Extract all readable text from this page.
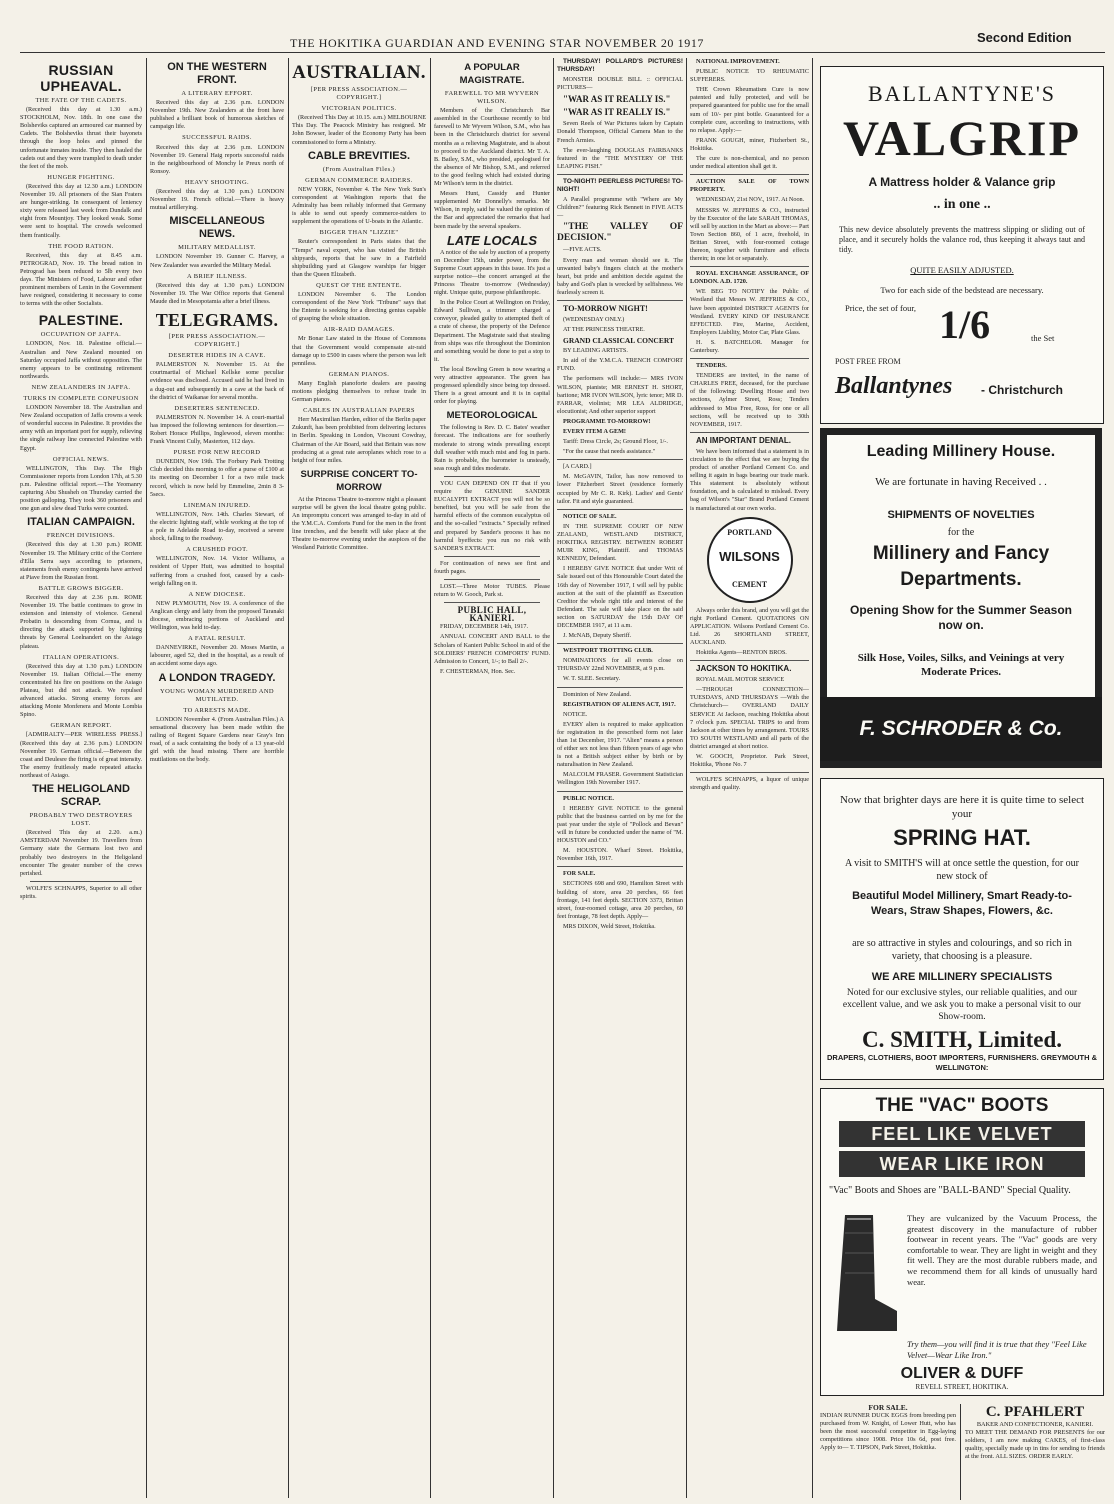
THE HOKITIKA GUARDIAN AND EVENING STAR NOVEMBER 20 1917	Second Edition
RUSSIAN UPHEAVAL.
THE FATE OF THE CADETS.

(Received this day at 1.30 a.m.) STOCKHOLM, Nov. 18th. In one case the Bolsheviks captured an armoured car manned by Cadets. The Bolsheviks thrust their bayonets through the loop holes and pinned the unfortunate inmates inside. They then hauled the cadets out and they were trampled to death under the feet of the mob.

HUNGER FIGHTING.

(Received this day at 12.30 a.m.) LONDON November 19. All prisoners of the Sian Fraters are hunger-striking. In consequent of leniency sixty were released last week from Dundalk and eight from Mountjoy. They looked weak. Some were sent to hospital. The crowds welcomed them frantically.

THE FOOD RATION.

Received, this day at 8.45 a.m. PETROGRAD, Nov. 19. The bread ration in Petrograd has been reduced to 5lb every two days. The Ministers of Food, Labour and other prominent members of Lenin in the Government have resigned, considering it necessary to come to terms with the other Socialists.

PALESTINE.
OCCUPATION OF JAFFA.

LONDON, Nov. 18. Palestine official.—Australian and New Zealand mounted on Saturday occupied Jaffa without opposition. The enemy appears to be continuing retirement northwards.

NEW ZEALANDERS IN JAFFA.
TURKS IN COMPLETE CONFUSION

LONDON November 18. The Australian and New Zealand occupation of Jaffa crowns a week of wonderful success in Palestine. It provides the army with an important port for supply, relieving the single railway line connected Palestine with Egypt.

OFFICIAL NEWS.

WELLINGTON, This Day. The High Commissioner reports from London 17th, at 5.30 p.m. Palestine official report.—The Yeomanry capturing Abu Shusheh on Thursday carried the position galloping. They took 360 prisoners and one gun and slew dead Turks were counted.

ITALIAN CAMPAIGN.
FRENCH DIVISIONS.

(Received this day at 1.30 p.m.) ROME November 19. The Military critic of the Corriere d'Ella Serra says according to prisoners, statements fresh enemy contingents have arrived at Piave from the Russian front.

BATTLE GROWS BIGGER.

Received this day at 2.36 p.m. ROME November 19. The battle continues to grow in extension and intensity of violence. General Probatin is descending from Cornua, and is directing the attack supported by lightning threats by General Loelnandert on the Asiago plateau.

ITALIAN OPERATIONS.

(Received this day at 1.30 p.m.) LONDON November 19. Italian Official.—The enemy concentrated his fire on positions on the Asiago Plateau, but did not attack. We repulsed advanced attacks. Strong enemy forces are attacking Monte Monfenera and Monte Lombia Spino.

GERMAN REPORT.

[ADMIRALTY—PER WIRELESS PRESS.] (Received this day at 2.36 p.m.) LONDON November 19. German official.—Between the coast and Deulesre the firing is of great intensity. The enemy fruitlessly made repeated attacks northeast of Asiago.

THE HELIGOLAND SCRAP.
PROBABLY TWO DESTROYERS LOST.

(Received This day at 2.20. a.m.) AMSTERDAM November 19. Travellers from Germany state the Germans lost two and probably two destroyers in the Heligoland encounter The greater number of the crews perished.

WOLFE'S SCHNAPPS, Superior to all other spirits.

ON THE WESTERN FRONT.
A LITERARY EFFORT.

Received this day at 2.36 p.m. LONDON November 19th. New Zealanders at the front have published a brilliant book of humorous sketches of campaign life.

SUCCESSFUL RAIDS.

Received this day at 2.36 p.m. LONDON November 19. General Haig reports successful raids in the neighbourhood of Monchy le Preux north of Ronsoy.

HEAVY SHOOTING.

(Received this day at 1.30 p.m.) LONDON November 19. French official.—There is heavy mutual artillerying.

MISCELLANEOUS NEWS.
MILITARY MEDALLIST.

LONDON November 19. Gunner C. Harvey, a New Zealander was awarded the Military Medal.

A BRIEF ILLNESS.

(Received this day at 1.30 p.m.) LONDON November 19. The War Office reports that General Maude died in Mesopotamia after a brief illness.

TELEGRAMS.
[PER PRESS ASSOCIATION.—COPYRIGHT.]
DESERTER HIDES IN A CAVE.

PALMERSTON N. November 15. At the courtmartial of Michael Kellske some peculiar evidence was disclosed. Accused said he had lived in a dug-out and subsequently in a cave at the back of the district of Waikanae for several months.

DESERTERS SENTENCED.

PALMERSTON N. November 14. A court-martial has imposed the following sentences for desertion.—Robert Horace Phillips, Inglewood, eleven months: Frank Vincent Cully, Masterton, 112 days.

PURSE FOR NEW RECORD

DUNEDIN, Nov 19th. The Forbury Park Trotting Club decided this morning to offer a purse of £100 at its meeting on December 1 for a two mile track record, which is now held by Emmeline, 2min 8 3-5secs.

LINEMAN INJURED.

WELLINGTON, Nov. 14th. Charles Stewart, of the electric lighting staff, while working at the top of a pole in Adelaide Road to-day, received a severe shock, falling to the roadway.

A CRUSHED FOOT.

WELLINGTON, Nov. 14. Victor Williams, a resident of Upper Hutt, was admitted to hospital suffering from a crushed foot, caused by a cash-weigh falling on it.

A NEW DIOCESE.

NEW PLYMOUTH, Nov 19. A conference of the Anglican clergy and laity from the proposed Taranaki diocese, embracing portions of Auckland and Wellington, was held to-day.

A FATAL RESULT.

DANNEVIRKE, November 20. Moses Martin, a labourer, aged 52, died in the hospital, as a result of an accident some days ago.

A LONDON TRAGEDY.
YOUNG WOMAN MURDERED AND MUTILATED.
TO ARRESTS MADE.

LONDON November 4. (From Australian Files.) A sensational discovery has been made within the railing of Regent Square Gardens near Gray's Inn road, of a sack containing the body of a 13 year-old girl with the head missing. There are horrible mutilations on the body.

AUSTRALIAN.
[PER PRESS ASSOCIATION.—COPYRIGHT.]
VICTORIAN POLITICS.

(Received This Day at 10.15. a.m.) MELBOURNE This Day. The Peacock Ministry has resigned. Mr John Bowser, leader of the Economy Party has been commissioned to form a Ministry.

CABLE BREVITIES.
(From Australian Files.)
GERMAN COMMERCE RAIDERS.

NEW YORK, November 4. The New York Sun's correspondent at Washington reports that the Admiralty has been reliably informed that Germany is able to send out speedy commerce-raiders to supplement the operations of U-boats in the Atlantic.

BIGGER THAN "LIZZIE"

Reuter's correspondent in Paris states that the "Temps" naval expert, who has visited the British shipyards, reports that he saw in a Fairfield shipbuilding yard at Glasgow warships far bigger than the Queen Elizabeth.

QUEST OF THE ENTENTE.

LONDON November 6. The London correspondent of the New York "Tribune" says that the Entente is seeking for a directing genius capable of grasping the whole situation.

AIR-RAID DAMAGES.

Mr Bonar Law stated in the House of Commons that the Government would compensate air-raid damage up to £500 in cases where the person was left penniless.

GERMAN PIANOS.

Many English pianoforte dealers are passing motions pledging themselves to refuse trade in German pianos.

CABLES IN AUSTRALIAN PAPERS

Herr Maximilian Harden, editor of the Berlin paper Zukunft, has been prohibited from delivering lectures in Berlin. Speaking in London, Viscount Cowdray, Chairman of the Air Board, said that Britain was now producing at a great rate aeroplanes which rose to a height of four miles.

SURPRISE CONCERT TO-MORROW

At the Princess Theatre to-morrow night a pleasant surprise will be given the local theatre going public. An impromptu concert was arranged to-day in aid of the Y.M.C.A. Comforts Fund for the men in the front line trenches, and the benefit will take place at the Theatre to-morrow evening under the auspices of the Westland Patriotic Committee.

A POPULAR MAGISTRATE.
FAREWELL TO MR WYVERN WILSON.

Members of the Christchurch Bar assembled in the Courthouse recently to bid farewell to Mr Wyvern Wilson, S.M., who has been in the Christchurch district for several months as a relieving Magistrate, and is about to proceed to the Auckland district. Mr T. A. B. Bailey, S.M., who presided, apologised for the absence of Mr Bishop, S.M., and referred to the good feeling which had existed during Mr Wilson's term in the district.

Messrs Hunt, Cassidy and Hunter supplemented Mr Donnelly's remarks. Mr Wilson, in reply, said he valued the opinion of the Bar and appreciated the remarks that had been made by the several speakers.

LATE LOCALS

A notice of the sale by auction of a property on December 15th, under power, from the Supreme Court appears in this issue. It's just a surprise notice—the concert arranged at the Princess Theatre to-morrow (Wednesday) night. Unique quite, purpose philanthropic.

In the Police Court at Wellington on Friday, Edward Sullivan, a trimmer charged a conveyor, pleaded guilty to attempted theft of a crate of cheese, the property of the Defence Department. The Magistrate said that stealing from ships was rife throughout the Dominion and something would be done to put a stop to it.

The local Bowling Green is now wearing a very attractive appearance. The green has progressed splendidly since being top dressed. There is a great amount and it is in capital order for playing.

METEOROLOGICAL

The following is Rev. D. C. Bates' weather forecast. The indications are for southerly moderate to strong winds prevailing except dull weather with much mist and fog in parts. Rain is probable, the barometer is unsteady, seas rough and tides moderate.

YOU CAN DEPEND ON IT that if you require the GENUINE SANDER EUCALYPTI EXTRACT you will not be so benefited, but you will be safe from the harmful effects of the common eucalyptus oil and the so-called "extracts." Specially refined and prepared by Sander's process it has no harmful byeffects: you run no risk with SANDER'S EXTRACT.

For continuation of news see first and fourth pages.

LOST.—Three Motor TUBES. Please return to W. Gooch, Park st.

PUBLIC HALL, KANIERI.

FRIDAY, DECEMBER 14th, 1917.

ANNUAL CONCERT AND BALL to the Scholars of Kanieri Public School in aid of the SOLDIERS' FRENCH COMFORTS' FUND. Admission to Concert, 1/-; to Ball 2/-.

F. CHESTERMAN, Hon. Sec.

THURSDAY! POLLARD'S PICTURES! THURSDAY!

MONSTER DOUBLE BILL :: OFFICIAL PICTURES—

"WAR AS IT REALLY IS."

"WAR AS IT REALLY IS."

Seven Reels of War Pictures taken by Captain Donald Thompson, Official Camera Man to the French Armies.

The ever-laughing DOUGLAS FAIRBANKS featured in the "THE MYSTERY OF THE LEAPING FISH."

TO-NIGHT! PEERLESS PICTURES! TO-NIGHT!

A Parallel programme with "Where are My Children?" featuring Rick Bennett in FIVE ACTS—

"THE VALLEY OF DECISION."

—FIVE ACTS.

Every man and woman should see it. The unwanted baby's fingers clutch at the mother's heart, but pride and ambition decide against the baby and God's plan is wrecked by selfishness. We fearlessly screen it.

TO-MORROW NIGHT!

(WEDNESDAY ONLY.)

AT THE PRINCESS THEATRE.

GRAND CLASSICAL CONCERT

BY LEADING ARTISTS.

In aid of the Y.M.C.A. TRENCH COMFORT FUND.

The performers will include:— MRS IVON WILSON, pianiste; MR ERNEST H. SHORT, baritone; MR IVON WILSON, lyric tenor; MR D. FARRAR, violinist; MR LEA ALDRIDGE, elocutionist; And other superior support

PROGRAMME TO-MORROW!

EVERY ITEM A GEM!

Tariff: Dress Circle, 2s; Ground Floor, 1/-.

"For the cause that needs assistance."

[A CARD.]

M. McGAVIN, Tailor, has now removed to lower Fitzherbert Street (residence formerly occupied by Mr C. R. Kirk). Ladies' and Gents' tailor. Fit and style guaranteed.

NOTICE OF SALE.

IN THE SUPREME COURT OF NEW ZEALAND, WESTLAND DISTRICT, HOKITIKA REGISTRY. BETWEEN ROBERT MUIR KING, Plaintiff. and THOMAS KENNEDY, Defendant.

I HEREBY GIVE NOTICE that under Writ of Sale issued out of this Honourable Court dated the 16th day of November 1917, I will sell by public auction at the suit of the plaintiff as Execution Creditor the whole right title and interest of the Defendant. The sale will take place on the said section on SATURDAY the 15th DAY OF DECEMBER 1917, at 11 a.m.

J. McNAB, Deputy Sheriff.

WESTPORT TROTTING CLUB.

NOMINATIONS for all events close on THURSDAY 22nd NOVEMBER, at 9 p.m.

W. T. SLEE. Secretary.

Dominion of New Zealand.

REGISTRATION OF ALIENS ACT, 1917.

NOTICE.

EVERY alien is required to make application for registration in the prescribed form not later than 1st December, 1917. "Alien" means a person of either sex not less than fifteen years of age who is not a British subject either by birth or by naturalisation in New Zealand.

MALCOLM FRASER. Government Statistician Wellington 19th November 1917.

PUBLIC NOTICE.

I HEREBY GIVE NOTICE to the general public that the business carried on by me for the past year under the style of "Pollock and Bevan" will in future be conducted under the name of "M. HOUSTON and CO."

M. HOUSTON. Wharf Street. Hokitika, November 16th, 1917.

FOR SALE.

SECTIONS 698 and 690, Hamilton Street with building of store, area 20 perches, 66 feet frontage, 141 feet depth. SECTION 3373, Brittan street, four-roomed cottage, area 20 perches, 60 feet frontage, 78 feet depth. Apply—

MRS DIXON, Weld Street, Hokitika.

NATIONAL IMPROVEMENT.

PUBLIC NOTICE TO RHEUMATIC SUFFERERS.

THE Crown Rheumatism Cure is now patented and fully protected, and will be prepared guaranteed for public use for the small sum of 10/- per pint bottle. Guaranteed for a complete cure, according to instructions, with no relapse. Apply:—

FRANK GOUGH, miner, Fitzherbert St., Hokitika.

The cure is non-chemical, and no person under medical attention shall get it.

AUCTION SALE OF TOWN PROPERTY.

WEDNESDAY, 21st NOV., 1917. At Noon.

MESSRS W. JEFFRIES & CO., instructed by the Executor of the late SARAH THOMAS, will sell by auction in the Mart as above:— Part Town Section 860, of 1 acre, freehold, in Brittan Street, with four-roomed cottage thereon, together with furniture and effects therein; in one lot or separately.

ROYAL EXCHANGE ASSURANCE, OF LONDON. A.D. 1720.

WE BEG TO NOTIFY the Public of Westland that Messrs W. JEFFRIES & CO., have been appointed DISTRICT AGENTS for Westland. EVERY KIND OF INSURANCE EFFECTED. Fire, Marine, Accident, Employers Liability, Motor Car, Plate Glass.

H. S. BATCHELOR. Manager for Canterbury.

TENDERS.

TENDERS are invited, in the name of CHARLES FREE, deceased, for the purchase of the following: Dwelling House and two sections, Aylmer Street, Ross; Tenders addressed to Miss Free, Ross, for one or all sections, will be received up to 30th NOVEMBER, 1917.

AN IMPORTANT DENIAL.

We have been informed that a statement is in circulation to the effect that we are buying the product of another Portland Cement Co. and selling it again in bags bearing our trade mark. This statement is absolutely without foundation, and is calculated to mislead. Every bag of Wilson's "Star" Brand Portland Cement is manufactured at our own works.

PORTLAND
WILSONS
CEMENT

Always order this brand, and you will get the right Portland Cement. QUOTATIONS ON APPLICATION. Wilsons Portland Cement Co. Ltd. 26 SHORTLAND STREET, AUCKLAND.

Hokitika Agents—RENTON BROS.

JACKSON TO HOKITIKA.

ROYAL MAIL MOTOR SERVICE

—THROUGH CONNECTION— TUESDAYS, AND THURSDAYS —With the Christchurch— OVERLAND DAILY SERVICE At Jackson, reaching Hokitika about 7 o'clock p.m. SPECIAL TRIPS to and from Jackson at other times by arrangement. TOURS TO SOUTH WESTLAND and all parts of the district arranged at short notice.

W. GOOCH, Proprietor. Park Street, Hokitika, 'Phone No. 7

WOLFE'S SCHNAPPS, a liquor of unique strength and quality.

BALLANTYNE'S
VALGRIP
A Mattress holder & Valance grip
.. in one ..
This new device absolutely prevents the mattress slipping or sliding out of place, and it securely holds the valance rod, thus keeping it always taut and tidy.
QUITE EASILY ADJUSTED.
Two for each side of the bedstead are necessary.
Price, the set of four, 1/6	the Set
POST FREE FROM
Ballantynes - Christchurch
Leading Millinery House.
We are fortunate in having Received . .
SHIPMENTS OF NOVELTIES
for the
Millinery and Fancy
Departments.
Opening Show for the Summer Season now on.
Silk Hose, Voiles, Silks, and Veinings at very Moderate Prices.
F. SCHRODER & Co.
Now that brighter days are here it is quite time to select your
SPRING HAT.
A visit to SMITH'S will at once settle the question, for our new stock of
Beautiful Model Millinery, Smart Ready-to-Wears, Straw Shapes, Flowers, &c.
are so attractive in styles and colourings, and so rich in variety, that choosing is a pleasure.
WE ARE MILLINERY SPECIALISTS
Noted for our exclusive styles, our reliable qualities, and our excellent value, and we ask you to make a personal visit to our Show-room.
C. SMITH, Limited.
DRAPERS, CLOTHIERS, BOOT IMPORTERS, FURNISHERS. GREYMOUTH & WELLINGTON:
THE "VAC" BOOTS
FEEL LIKE VELVET
WEAR LIKE IRON
"Vac" Boots and Shoes are "BALL-BAND" Special Quality.
They are vulcanized by the Vacuum Process, the greatest discovery in the manufacture of rubber footwear in recent years. The "Vac" goods are very comfortable to wear. They are light in weight and they fit well. They are the most durable rubbers made, and we recommend them for all kinds of unusually hard wear.
Try them—you will find it is true that they "Feel Like Velvet—Wear Like Iron."
OLIVER & DUFF
REVELL STREET, HOKITIKA.
FOR SALE.
INDIAN RUNNER DUCK EGGS from breeding pen purchased from W. Knight, of Lower Hutt, who has been the most successful competitor in Egg-laying competitions since 1908. Price 10s 6d, post free. Apply to— T. TIPSON, Park Street, Hokitika.
C. PFAHLERT
BAKER AND CONFECTIONER, KANIERI.
TO MEET THE DEMAND FOR PRESENTS for our soldiers, I am now making CAKES, of first-class quality, specially made up in tins for sending to friends at the front. ALL SIZES. ORDER EARLY.
